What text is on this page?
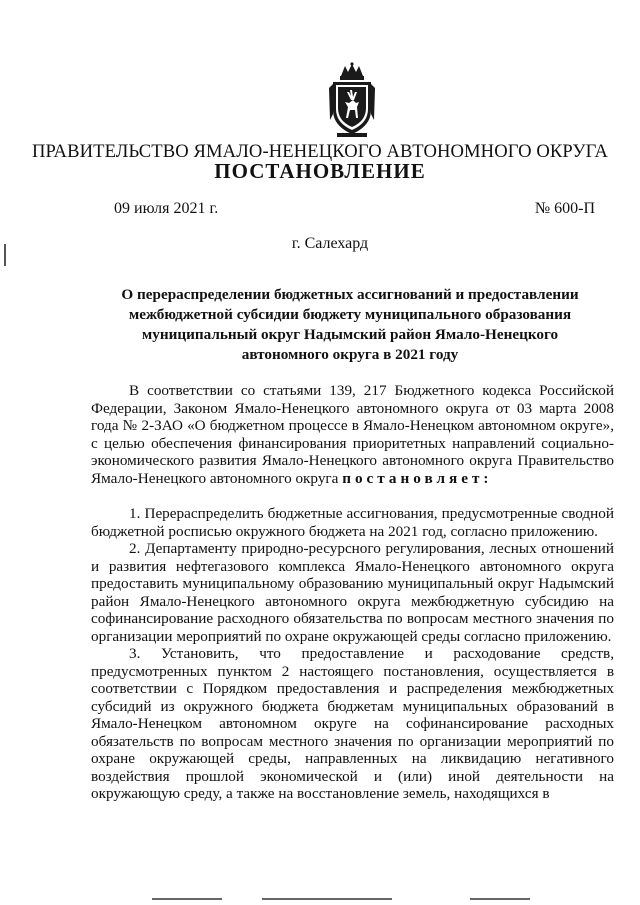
ПРАВИТЕЛЬСТВО ЯМАЛО-НЕНЕЦКОГО АВТОНОМНОГО ОКРУГА
ПОСТАНОВЛЕНИЕ
09 июля 2021 г.	№ 600-П
г. Салехард
О перераспределении бюджетных ассигнований и предоставлении межбюджетной субсидии бюджету муниципального образования муниципальный округ Надымский район Ямало-Ненецкого автономного округа в 2021 году

В соответствии со статьями 139, 217 Бюджетного кодекса Российской Федерации, Законом Ямало-Ненецкого автономного округа от 03 марта 2008 года № 2-ЗАО «О бюджетном процессе в Ямало-Ненецком автономном округе», с целью обеспечения финансирования приоритетных направлений социально-экономического развития Ямало-Ненецкого автономного округа Правительство Ямало-Ненецкого автономного округа постановляет:

1. Перераспределить бюджетные ассигнования, предусмотренные сводной бюджетной росписью окружного бюджета на 2021 год, согласно приложению.

2. Департаменту природно-ресурсного регулирования, лесных отношений и развития нефтегазового комплекса Ямало-Ненецкого автономного округа предоставить муниципальному образованию муниципальный округ Надымский район Ямало-Ненецкого автономного округа межбюджетную субсидию на софинансирование расходного обязательства по вопросам местного значения по организации мероприятий по охране окружающей среды согласно приложению.

3. Установить, что предоставление и расходование средств, предусмотренных пунктом 2 настоящего постановления, осуществляется в соответствии с Порядком предоставления и распределения межбюджетных субсидий из окружного бюджета бюджетам муниципальных образований в Ямало-Ненецком автономном округе на софинансирование расходных обязательств по вопросам местного значения по организации мероприятий по охране окружающей среды, направленных на ликвидацию негативного воздействия прошлой экономической и (или) иной деятельности на окружающую среду, а также на восстановление земель, находящихся в
